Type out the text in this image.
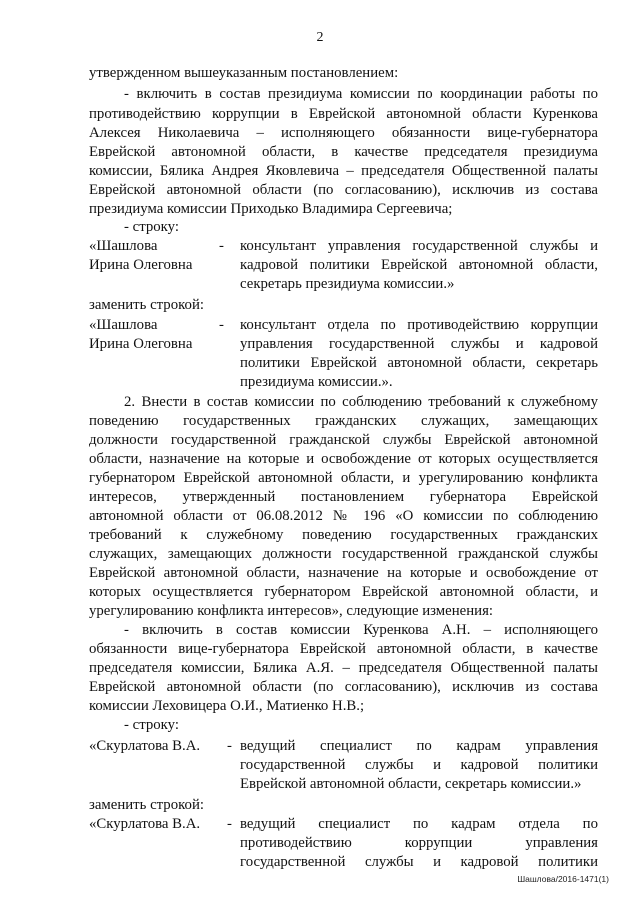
2
утвержденном вышеуказанным постановлением:
- включить в состав президиума комиссии по координации работы по
противодействию коррупции в Еврейской автономной области Куренкова
Алексея Николаевича – исполняющего обязанности вице-губернатора
Еврейской автономной области, в качестве председателя президиума
комиссии, Бялика Андрея Яковлевича – председателя Общественной палаты
Еврейской автономной области (по согласованию), исключив из состава
президиума комиссии Приходько Владимира Сергеевича;
- строку:
«Шашлова
Ирина Олеговна
- консультант управления государственной службы и
кадровой политики Еврейской автономной области,
секретарь президиума комиссии.»
заменить строкой:
«Шашлова
Ирина Олеговна
- консультант отдела по противодействию коррупции
управления государственной службы и кадровой
политики Еврейской автономной области, секретарь
президиума комиссии.».
2. Внести в состав комиссии по соблюдению требований к служебному
поведению государственных гражданских служащих, замещающих
должности государственной гражданской службы Еврейской автономной
области, назначение на которые и освобождение от которых осуществляется
губернатором Еврейской автономной области, и урегулированию конфликта
интересов, утвержденный постановлением губернатора Еврейской
автономной области от 06.08.2012 № 196 «О комиссии по соблюдению
требований к служебному поведению государственных гражданских
служащих, замещающих должности государственной гражданской службы
Еврейской автономной области, назначение на которые и освобождение от
которых осуществляется губернатором Еврейской автономной области, и
урегулированию конфликта интересов», следующие изменения:
- включить в состав комиссии Куренкова А.Н. – исполняющего
обязанности вице-губернатора Еврейской автономной области, в качестве
председателя комиссии, Бялика А.Я. – председателя Общественной палаты
Еврейской автономной области (по согласованию), исключив из состава
комиссии Леховицера О.И., Матиенко Н.В.;
- строку:
«Скурлатова В.А. - ведущий специалист по кадрам управления
государственной службы и кадровой политики
Еврейской автономной области, секретарь комиссии.»
заменить строкой:
«Скурлатова В.А. - ведущий специалист по кадрам отдела по
противодействию коррупции управления
государственной службы и кадровой политики
Шашлова/2016-1471(1)
